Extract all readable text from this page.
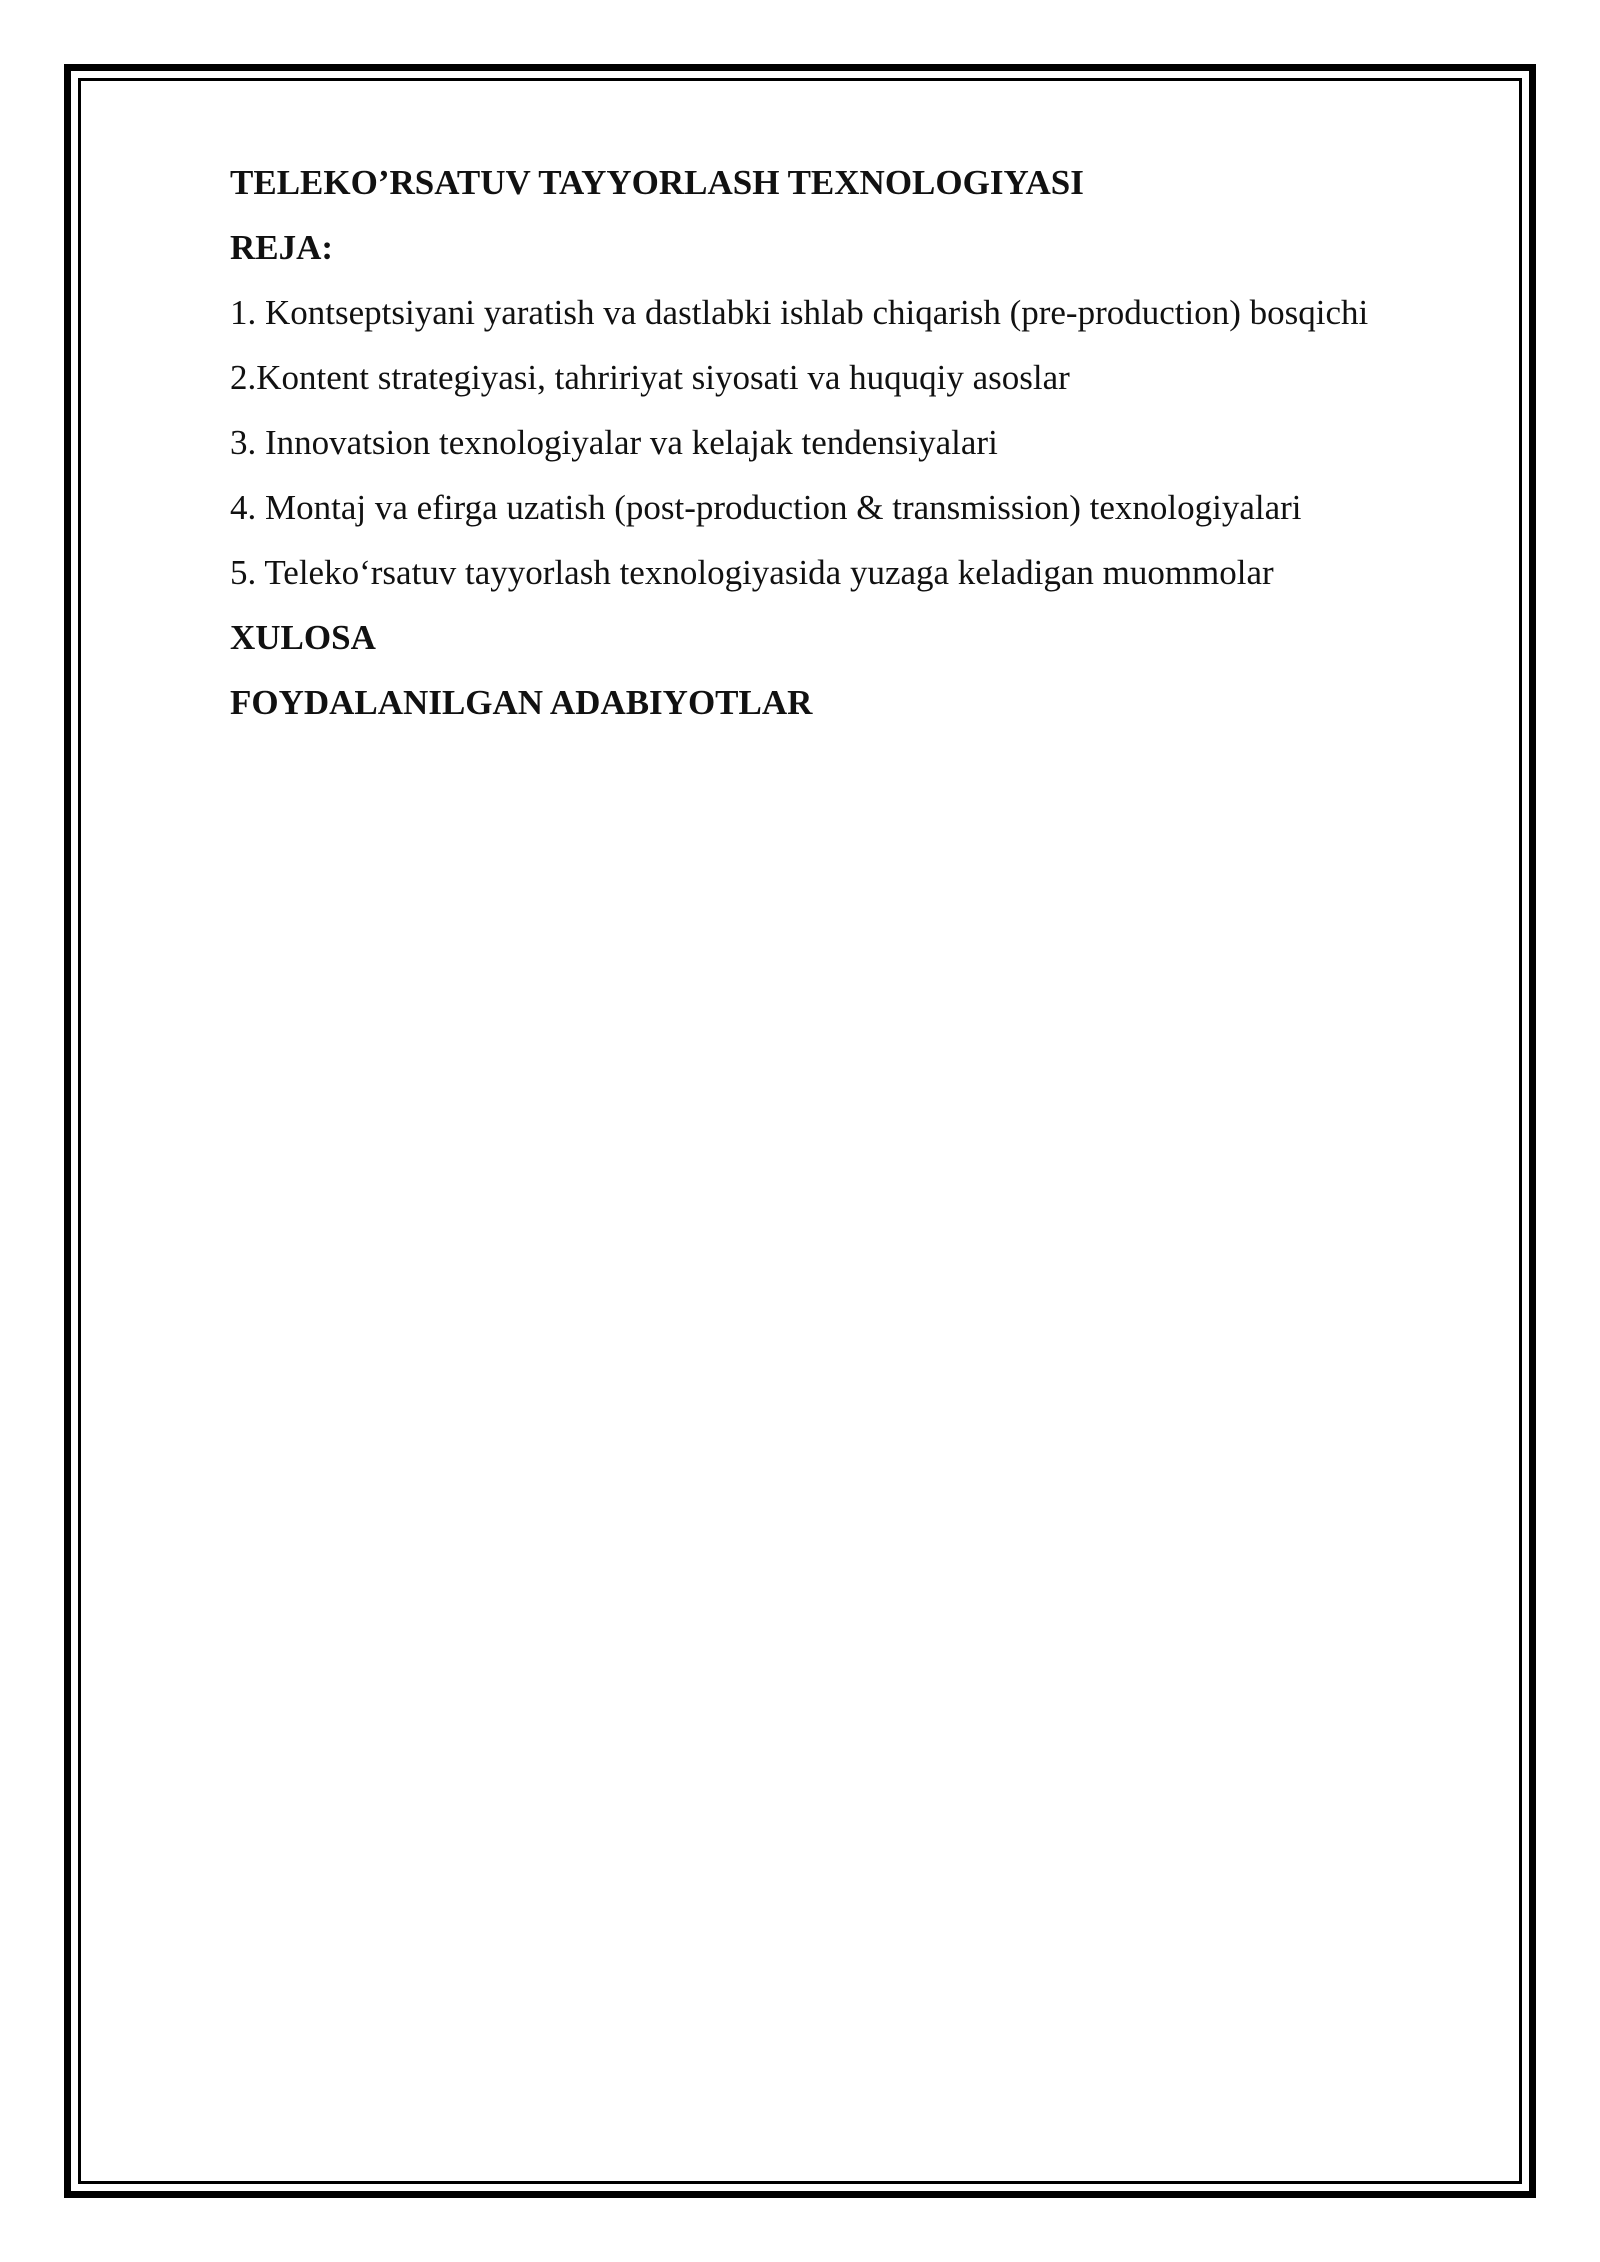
TELEKO’RSATUV TAYYORLASH TEXNOLOGIYASI

REJA:

1. Kontseptsiyani yaratish va dastlabki ishlab chiqarish (pre-production) bosqichi

2.Kontent strategiyasi, tahririyat siyosati va huquqiy asoslar

3. Innovatsion texnologiyalar va kelajak tendensiyalari

4. Montaj va efirga uzatish (post-production & transmission) texnologiyalari

5. Teleko‘rsatuv tayyorlash texnologiyasida yuzaga keladigan muommolar

XULOSA

FOYDALANILGAN ADABIYOTLAR
